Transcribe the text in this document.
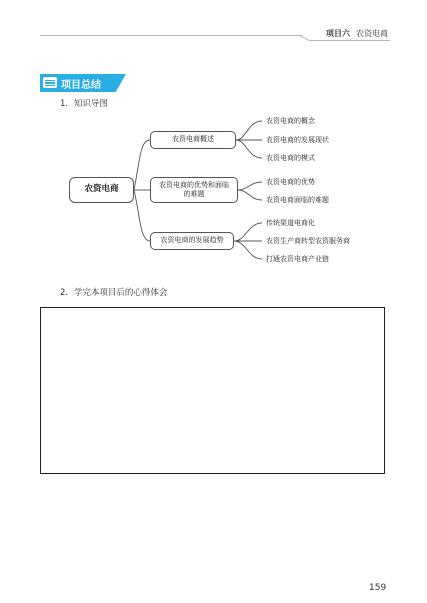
项目六 农资电商
项目总结
1．知识导图
农资电商
农资电商概述
农资电商的优势和面临的难题
农资电商的发展趋势
农资电商的概念
农资电商的发展现状
农资电商的模式
农资电商的优势
农资电商面临的难题
传统渠道电商化
农资生产商转型农资服务商
打通农资电商产业链
2．学完本项目后的心得体会
159
